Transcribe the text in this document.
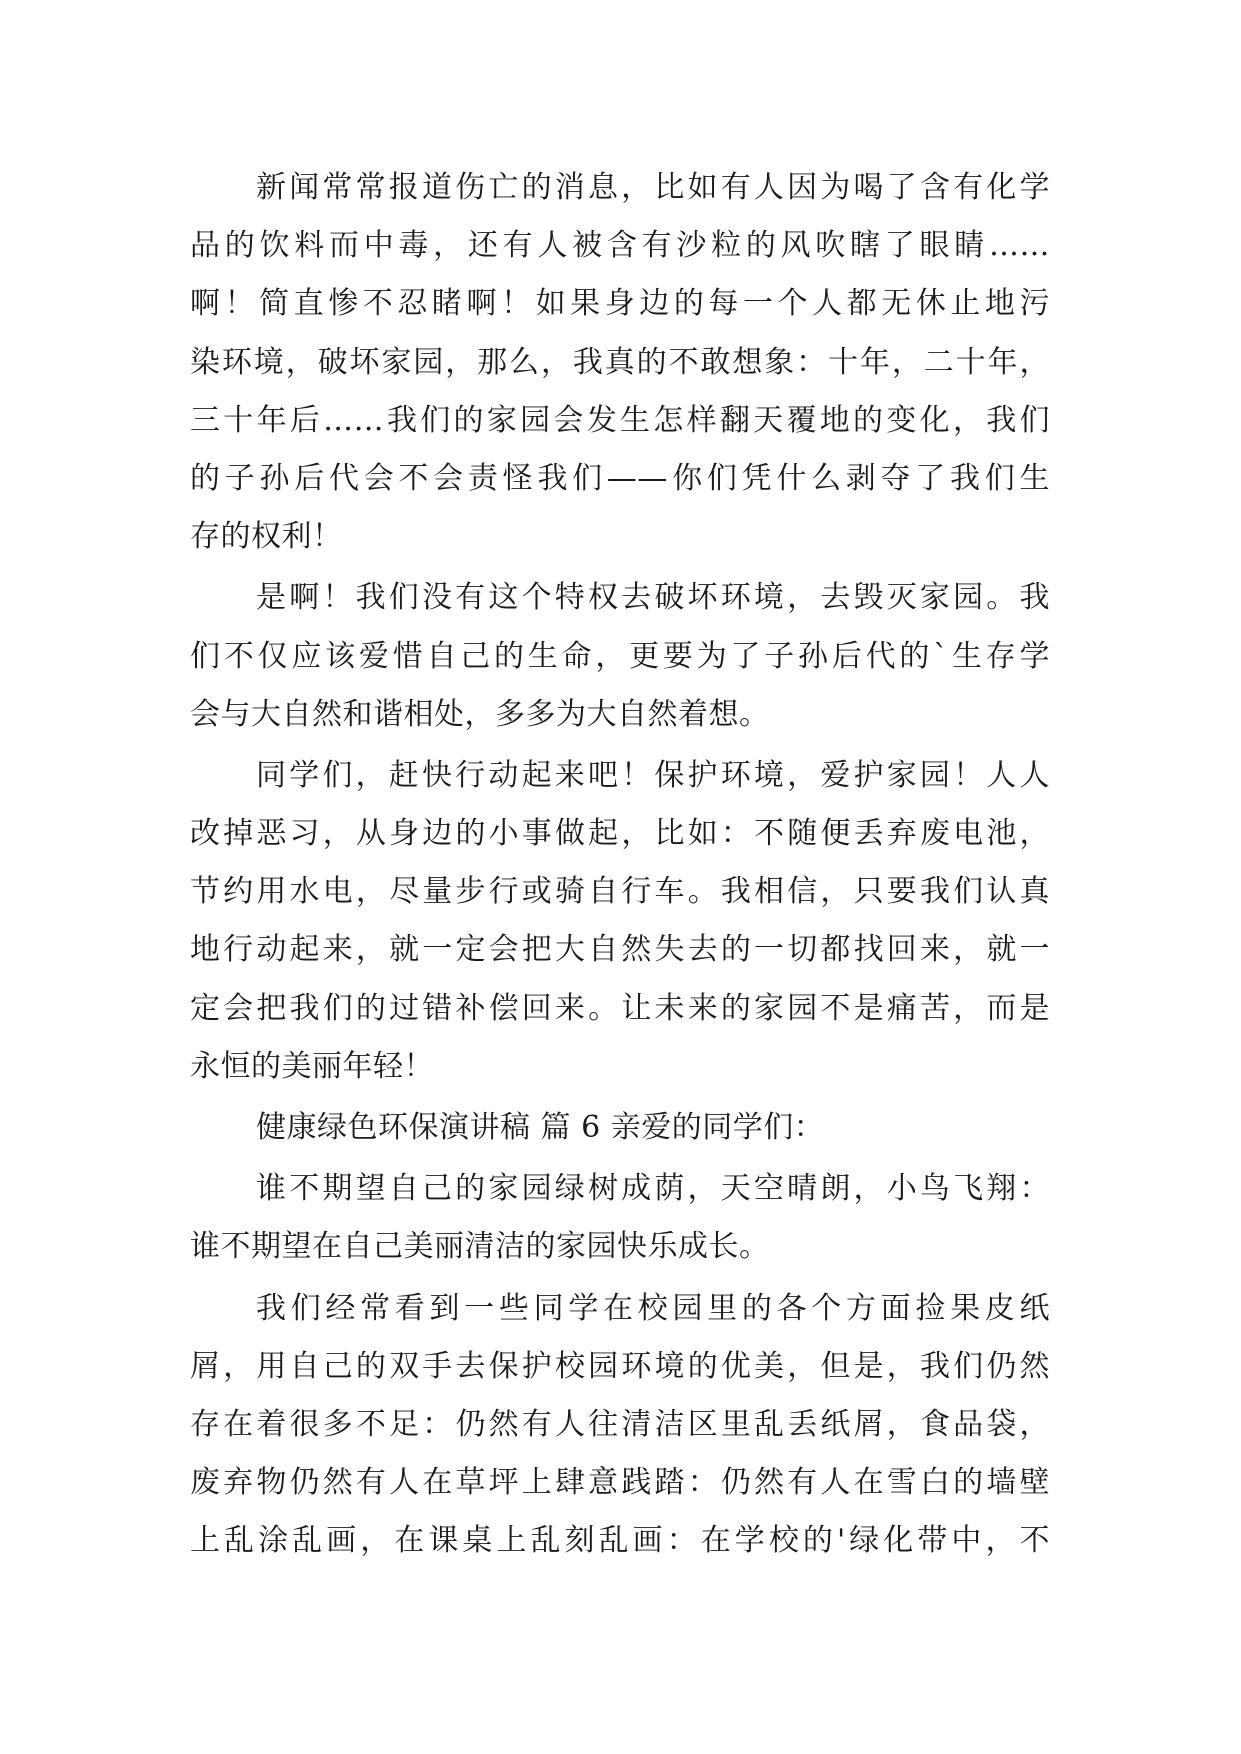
新闻常常报道伤亡的消息，比如有人因为喝了含有化学
品的饮料而中毒，还有人被含有沙粒的风吹瞎了眼睛……
啊！简直惨不忍睹啊！如果身边的每一个人都无休止地污
染环境，破坏家园，那么，我真的不敢想象：十年，二十年，
三十年后……我们的家园会发生怎样翻天覆地的变化，我们
的子孙后代会不会责怪我们——你们凭什么剥夺了我们生
存的权利！
是啊！我们没有这个特权去破坏环境，去毁灭家园。我
们不仅应该爱惜自己的生命，更要为了子孙后代的`生存学
会与大自然和谐相处，多多为大自然着想。
同学们，赶快行动起来吧！保护环境，爱护家园！人人
改掉恶习，从身边的小事做起，比如：不随便丢弃废电池，
节约用水电，尽量步行或骑自行车。我相信，只要我们认真
地行动起来，就一定会把大自然失去的一切都找回来，就一
定会把我们的过错补偿回来。让未来的家园不是痛苦，而是
永恒的美丽年轻！
健康绿色环保演讲稿 篇 6 亲爱的同学们：
谁不期望自己的家园绿树成荫，天空晴朗，小鸟飞翔：
谁不期望在自己美丽清洁的家园快乐成长。
我们经常看到一些同学在校园里的各个方面捡果皮纸
屑，用自己的双手去保护校园环境的优美，但是，我们仍然
存在着很多不足：仍然有人往清洁区里乱丢纸屑，食品袋，
废弃物仍然有人在草坪上肆意践踏：仍然有人在雪白的墙壁
上乱涂乱画，在课桌上乱刻乱画：在学校的'绿化带中，不
